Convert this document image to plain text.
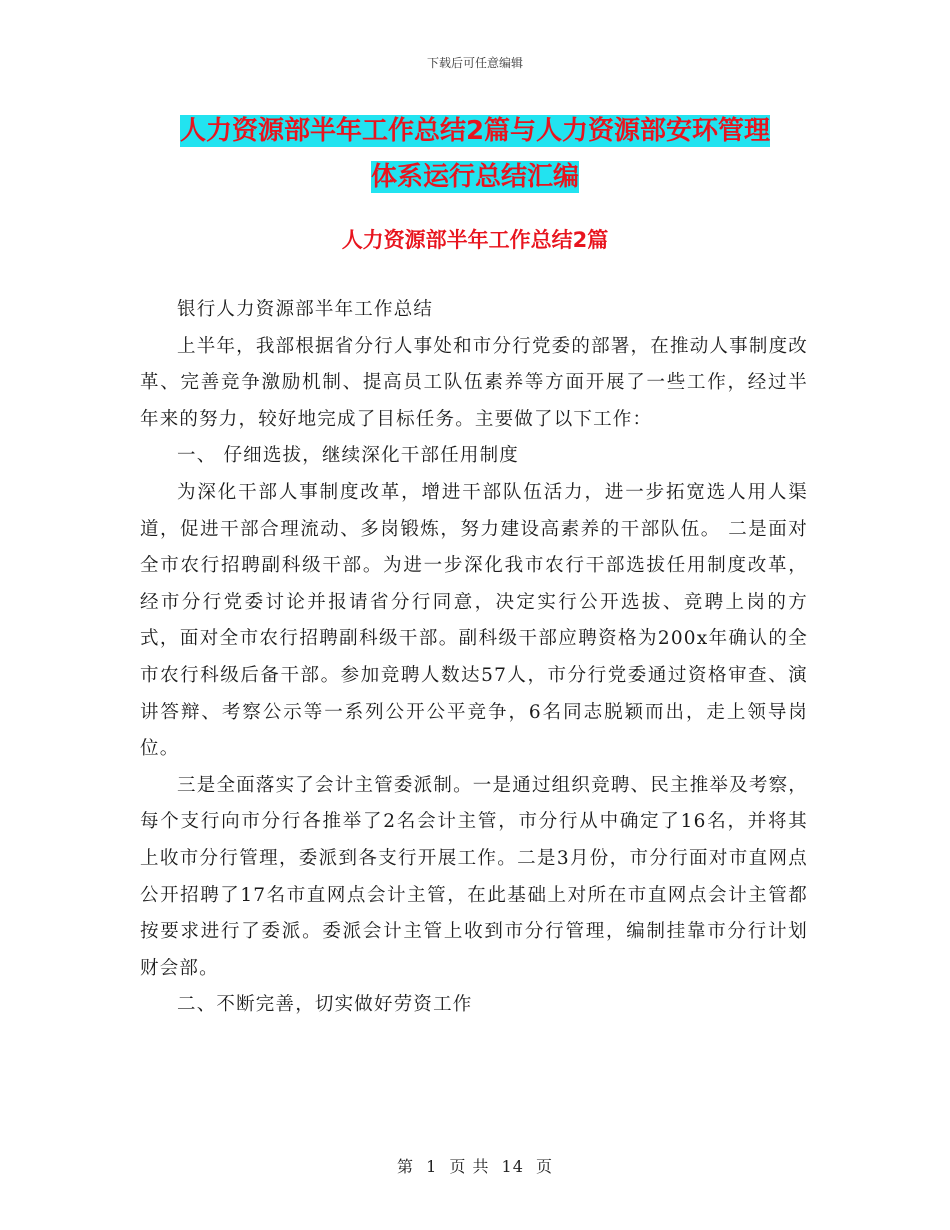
下载后可任意编辑
人力资源部半年工作总结2篇与人力资源部安环管理
体系运行总结汇编
人力资源部半年工作总结2篇

银行人力资源部半年工作总结

上半年，我部根据省分行人事处和市分行党委的部署，在推动人事制度改革、完善竞争激励机制、提高员工队伍素养等方面开展了一些工作，经过半年来的努力，较好地完成了目标任务。主要做了以下工作：

一、 仔细选拔，继续深化干部任用制度

为深化干部人事制度改革，增进干部队伍活力，进一步拓宽选人用人渠道，促进干部合理流动、多岗锻炼，努力建设高素养的干部队伍。 二是面对全市农行招聘副科级干部。为进一步深化我市农行干部选拔任用制度改革，经市分行党委讨论并报请省分行同意，决定实行公开选拔、竞聘上岗的方式，面对全市农行招聘副科级干部。副科级干部应聘资格为200x年确认的全市农行科级后备干部。参加竞聘人数达57人，市分行党委通过资格审查、演讲答辩、考察公示等一系列公开公平竞争，6名同志脱颖而出，走上领导岗位。

三是全面落实了会计主管委派制。一是通过组织竞聘、民主推举及考察，每个支行向市分行各推举了2名会计主管，市分行从中确定了16名，并将其上收市分行管理，委派到各支行开展工作。二是3月份，市分行面对市直网点公开招聘了17名市直网点会计主管，在此基础上对所在市直网点会计主管都按要求进行了委派。委派会计主管上收到市分行管理，编制挂靠市分行计划财会部。

二、不断完善，切实做好劳资工作

第 1 页 共 14 页
